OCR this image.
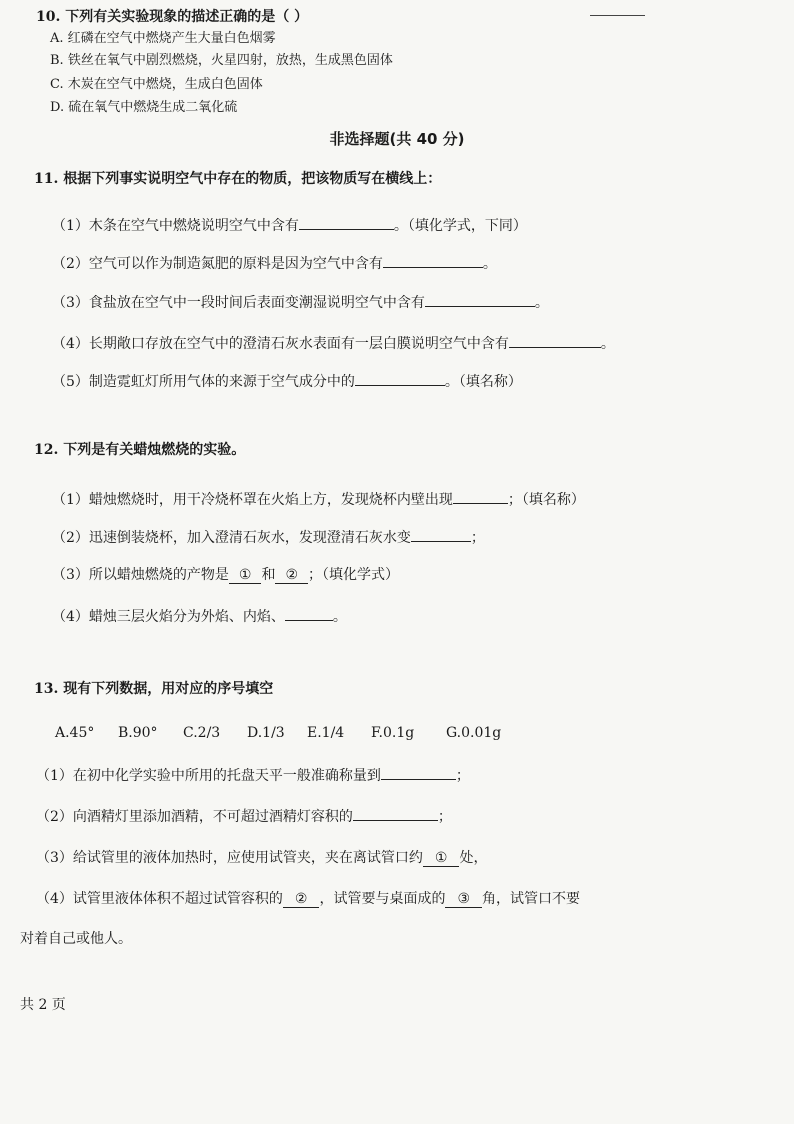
10. 下列有关实验现象的描述正确的是（ ）
A. 红磷在空气中燃烧产生大量白色烟雾
B. 铁丝在氧气中剧烈燃烧，火星四射，放热，生成黑色固体
C. 木炭在空气中燃烧，生成白色固体
D. 硫在氧气中燃烧生成二氧化硫
非选择题(共 40 分)
11. 根据下列事实说明空气中存在的物质，把该物质写在横线上：
（1）木条在空气中燃烧说明空气中含有	。（填化学式，下同）
（2）空气可以作为制造氮肥的原料是因为空气中含有	。
（3）食盐放在空气中一段时间后表面变潮湿说明空气中含有	。
（4）长期敞口存放在空气中的澄清石灰水表面有一层白膜说明空气中含有	。
（5）制造霓虹灯所用气体的来源于空气成分中的	。（填名称）
12. 下列是有关蜡烛燃烧的实验。
（1）蜡烛燃烧时，用干冷烧杯罩在火焰上方，发现烧杯内壁出现	；（填名称）
（2）迅速倒装烧杯，加入澄清石灰水，发现澄清石灰水变	；
（3）所以蜡烛燃烧的产物是 ① 和 ② ；（填化学式）
（4）蜡烛三层火焰分为外焰、内焰、	。
13. 现有下列数据，用对应的序号填空
A.45° B.90° C.2/3 D.1/3 E.1/4 F.0.1g G.0.01g
（1）在初中化学实验中所用的托盘天平一般准确称量到	；
（2）向酒精灯里添加酒精，不可超过酒精灯容积的	；
（3）给试管里的液体加热时，应使用试管夹，夹在离试管口约 ① 处，
（4）试管里液体体积不超过试管容积的 ② ，试管要与桌面成的 ③ 角，试管口不要
对着自己或他人。
共 2 页
